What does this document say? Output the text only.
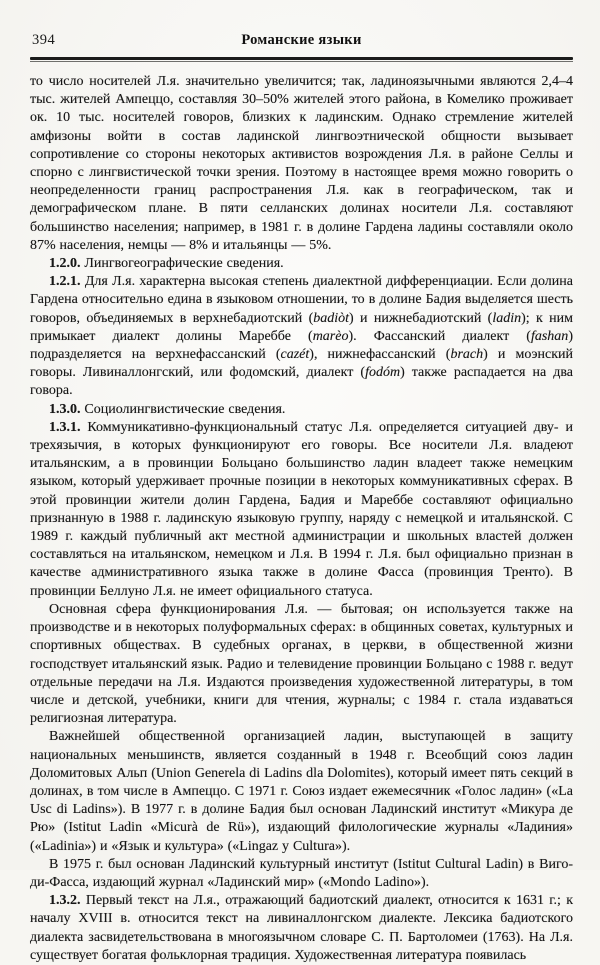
394	Романские языки

то число носителей Л.я. значительно увеличится; так, ладиноязычными являются 2,4–4 тыс. жителей Ампеццо, составляя 30–50% жителей этого района, в Комелико проживает ок. 10 тыс. носителей говоров, близких к ладинским. Однако стремление жителей амфизоны войти в состав ладинской лингвоэтнической общности вызывает сопротивление со стороны некоторых активистов возрождения Л.я. в районе Селлы и спорно с лингвистической точки зрения. Поэтому в настоящее время можно говорить о неопределенности границ распространения Л.я. как в географическом, так и демографическом плане. В пяти селланских долинах носители Л.я. составляют большинство населения; например, в 1981 г. в долине Гардена ладины составляли около 87% населения, немцы — 8% и итальянцы — 5%.

1.2.0. Лингвогеографические сведения.

1.2.1. Для Л.я. характерна высокая степень диалектной дифференциации. Если долина Гардена относительно едина в языковом отношении, то в долине Бадия выделяется шесть говоров, объединяемых в верхнебадиотский (badiòt) и нижнебадиотский (ladin); к ним примыкает диалект долины Мареббе (marèo). Фассанский диалект (fashan) подразделяется на верхнефассанский (cazét), нижнефассанский (brach) и моэнский говоры. Ливиналлонгский, или фодомский, диалект (fodóm) также распадается на два говора.

1.3.0. Социолингвистические сведения.

1.3.1. Коммуникативно-функциональный статус Л.я. определяется ситуацией дву- и трехязычия, в которых функционируют его говоры. Все носители Л.я. владеют итальянским, а в провинции Больцано большинство ладин владеет также немецким языком, который удерживает прочные позиции в некоторых коммуникативных сферах. В этой провинции жители долин Гардена, Бадия и Мареббе составляют официально признанную в 1988 г. ладинскую языковую группу, наряду с немецкой и итальянской. С 1989 г. каждый публичный акт местной администрации и школьных властей должен составляться на итальянском, немецком и Л.я. В 1994 г. Л.я. был официально признан в качестве административного языка также в долине Фасса (провинция Тренто). В провинции Беллуно Л.я. не имеет официального статуса.

Основная сфера функционирования Л.я. — бытовая; он используется также на производстве и в некоторых полуформальных сферах: в общинных советах, культурных и спортивных обществах. В судебных органах, в церкви, в общественной жизни господствует итальянский язык. Радио и телевидение провинции Больцано с 1988 г. ведут отдельные передачи на Л.я. Издаются произведения художественной литературы, в том числе и детской, учебники, книги для чтения, журналы; с 1984 г. стала издаваться религиозная литература.

Важнейшей общественной организацией ладин, выступающей в защиту национальных меньшинств, является созданный в 1948 г. Всеобщий союз ладин Доломитовых Альп (Union Generela di Ladins dla Dolomites), который имеет пять секций в долинах, в том числе в Ампеццо. С 1971 г. Союз издает ежемесячник «Голос ладин» («La Usc di Ladins»). В 1977 г. в долине Бадия был основан Ладинский институт «Микура де Рю» (Istitut Ladin «Micurà de Rü»), издающий филологические журналы «Ладиния» («Ladinia») и «Язык и культура» («Lingaz y Cultura»).

В 1975 г. был основан Ладинский культурный институт (Istitut Cultural Ladin) в Виго-ди-Фасса, издающий журнал «Ладинский мир» («Mondo Ladino»).

1.3.2. Первый текст на Л.я., отражающий бадиотский диалект, относится к 1631 г.; к началу XVIII в. относится текст на ливиналлонгском диалекте. Лексика бадиотского диалекта засвидетельствована в многоязычном словаре С. П. Бартоломеи (1763). На Л.я. существует богатая фольклорная традиция. Художественная литература появилась
